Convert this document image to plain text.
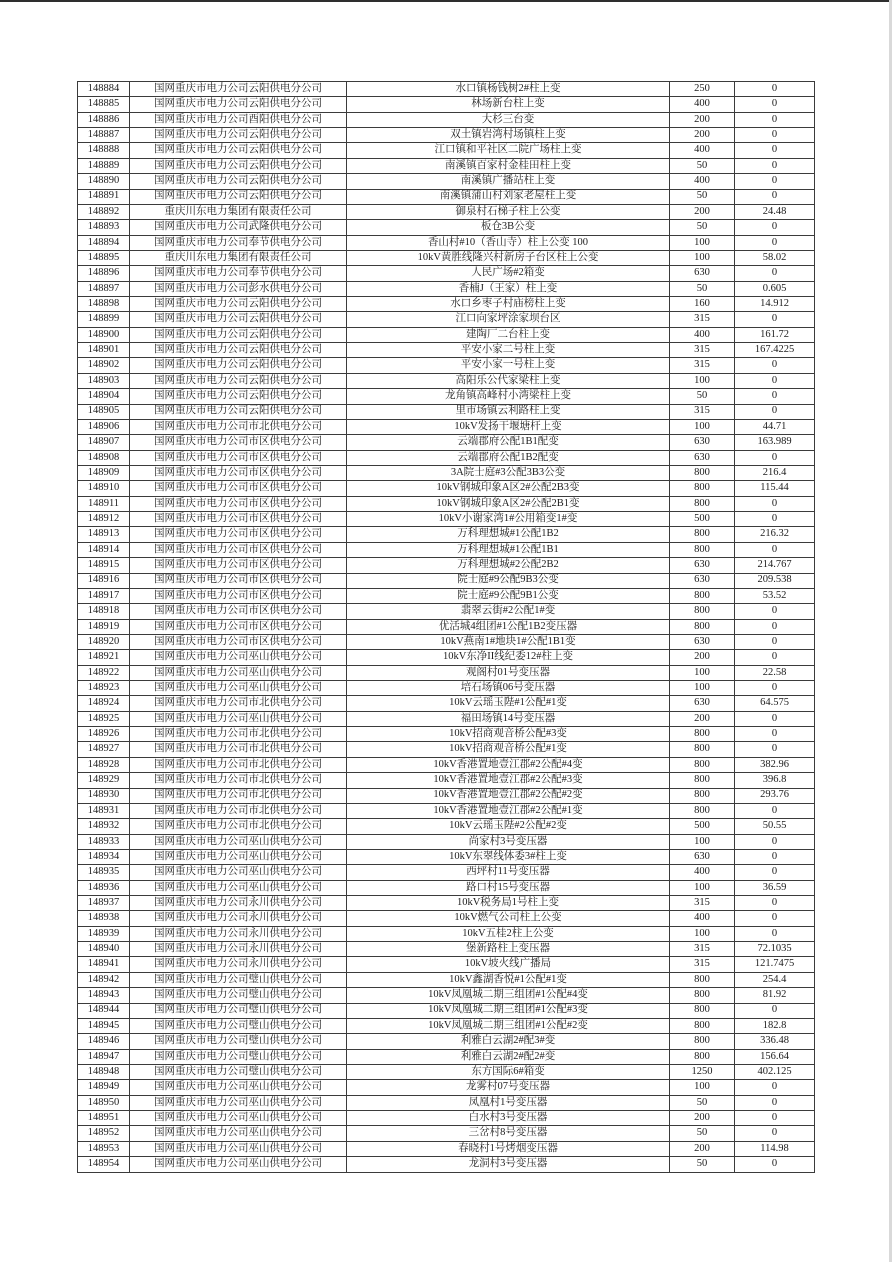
148884	国网重庆市电力公司云阳供电分公司	水口镇杨钱树2#柱上变	250	0
148885	国网重庆市电力公司云阳供电分公司	林场新台柱上变	400	0
148886	国网重庆市电力公司酉阳供电分公司	大杉三台变	200	0
148887	国网重庆市电力公司云阳供电分公司	双土镇岩湾村场镇柱上变	200	0
148888	国网重庆市电力公司云阳供电分公司	江口镇和平社区二院广场柱上变	400	0
148889	国网重庆市电力公司云阳供电分公司	南溪镇百家村金桂田柱上变	50	0
148890	国网重庆市电力公司云阳供电分公司	南溪镇广播站柱上变	400	0
148891	国网重庆市电力公司云阳供电分公司	南溪镇蒲山村刘家老屋柱上变	50	0
148892	重庆川东电力集团有限责任公司	御泉村石梯子柱上公变	200	24.48
148893	国网重庆市电力公司武隆供电分公司	板仓3B公变	50	0
148894	国网重庆市电力公司奉节供电分公司	香山村#10（香山寺）柱上公变 100	100	0
148895	重庆川东电力集团有限责任公司	10kV黄胜线隆兴村新房子台区柱上公变	100	58.02
148896	国网重庆市电力公司奉节供电分公司	人民广场#2箱变	630	0
148897	国网重庆市电力公司彭水供电分公司	香楠J（王家）柱上变	50	0.605
148898	国网重庆市电力公司云阳供电分公司	水口乡枣子村庙榜柱上变	160	14.912
148899	国网重庆市电力公司云阳供电分公司	江口向家坪涂家坝台区	315	0
148900	国网重庆市电力公司云阳供电分公司	建陶厂二台柱上变	400	161.72
148901	国网重庆市电力公司云阳供电分公司	平安小家二号柱上变	315	167.4225
148902	国网重庆市电力公司云阳供电分公司	平安小家一号柱上变	315	0
148903	国网重庆市电力公司云阳供电分公司	高阳乐公代家梁柱上变	100	0
148904	国网重庆市电力公司云阳供电分公司	龙角镇高峰村小湾梁柱上变	50	0
148905	国网重庆市电力公司云阳供电分公司	里市场镇云利路柱上变	315	0
148906	国网重庆市电力公司市北供电分公司	10kV发扬干堰塘杆上变	100	44.71
148907	国网重庆市电力公司市区供电分公司	云端郡府公配1B1配变	630	163.989
148908	国网重庆市电力公司市区供电分公司	云端郡府公配1B2配变	630	0
148909	国网重庆市电力公司市区供电分公司	3A院士庭#3公配3B3公变	800	216.4
148910	国网重庆市电力公司市区供电分公司	10kV钢城印象A区2#公配2B3变	800	115.44
148911	国网重庆市电力公司市区供电分公司	10kV钢城印象A区2#公配2B1变	800	0
148912	国网重庆市电力公司市区供电分公司	10kV小谢家湾1#公用箱变1#变	500	0
148913	国网重庆市电力公司市区供电分公司	万科理想城#1公配1B2	800	216.32
148914	国网重庆市电力公司市区供电分公司	万科理想城#1公配1B1	800	0
148915	国网重庆市电力公司市区供电分公司	万科理想城#2公配2B2	630	214.767
148916	国网重庆市电力公司市区供电分公司	院士庭#9公配9B3公变	630	209.538
148917	国网重庆市电力公司市区供电分公司	院士庭#9公配9B1公变	800	53.52
148918	国网重庆市电力公司市区供电分公司	翡翠云街#2公配1#变	800	0
148919	国网重庆市电力公司市区供电分公司	优活城4组团#1公配1B2变压器	800	0
148920	国网重庆市电力公司市区供电分公司	10kV燕南1#地块1#公配1B1变	630	0
148921	国网重庆市电力公司巫山供电分公司	10kV东净II线纪委12#柱上变	200	0
148922	国网重庆市电力公司巫山供电分公司	观阁村01号变压器	100	22.58
148923	国网重庆市电力公司巫山供电分公司	培石场镇06号变压器	100	0
148924	国网重庆市电力公司市北供电分公司	10kV云瑶玉陛#1公配#1变	630	64.575
148925	国网重庆市电力公司巫山供电分公司	福田场镇14号变压器	200	0
148926	国网重庆市电力公司市北供电分公司	10kV招商观音桥公配#3变	800	0
148927	国网重庆市电力公司市北供电分公司	10kV招商观音桥公配#1变	800	0
148928	国网重庆市电力公司市北供电分公司	10kV香港置地壹江郡#2公配#4变	800	382.96
148929	国网重庆市电力公司市北供电分公司	10kV香港置地壹江郡#2公配#3变	800	396.8
148930	国网重庆市电力公司市北供电分公司	10kV香港置地壹江郡#2公配#2变	800	293.76
148931	国网重庆市电力公司市北供电分公司	10kV香港置地壹江郡#2公配#1变	800	0
148932	国网重庆市电力公司市北供电分公司	10kV云瑶玉陛#2公配#2变	500	50.55
148933	国网重庆市电力公司巫山供电分公司	尚家村3号变压器	100	0
148934	国网重庆市电力公司巫山供电分公司	10kV东翠线体委3#柱上变	630	0
148935	国网重庆市电力公司巫山供电分公司	西坪村11号变压器	400	0
148936	国网重庆市电力公司巫山供电分公司	路口村15号变压器	100	36.59
148937	国网重庆市电力公司永川供电分公司	10kV税务局1号柱上变	315	0
148938	国网重庆市电力公司永川供电分公司	10kV燃气公司柱上公变	400	0
148939	国网重庆市电力公司永川供电分公司	10kV五桂2柱上公变	100	0
148940	国网重庆市电力公司永川供电分公司	堡新路柱上变压器	315	72.1035
148941	国网重庆市电力公司永川供电分公司	10kV坡火线广播局	315	121.7475
148942	国网重庆市电力公司璧山供电分公司	10kV鑫湖香悦#1公配#1变	800	254.4
148943	国网重庆市电力公司璧山供电分公司	10kV凤凰城二期三组团#1公配#4变	800	81.92
148944	国网重庆市电力公司璧山供电分公司	10kV凤凰城二期三组团#1公配#3变	800	0
148945	国网重庆市电力公司璧山供电分公司	10kV凤凰城二期三组团#1公配#2变	800	182.8
148946	国网重庆市电力公司璧山供电分公司	利雅白云湖2#配3#变	800	336.48
148947	国网重庆市电力公司璧山供电分公司	利雅白云湖2#配2#变	800	156.64
148948	国网重庆市电力公司璧山供电分公司	东方国际6#箱变	1250	402.125
148949	国网重庆市电力公司巫山供电分公司	龙雾村07号变压器	100	0
148950	国网重庆市电力公司巫山供电分公司	凤凰村1号变压器	50	0
148951	国网重庆市电力公司巫山供电分公司	白水村3号变压器	200	0
148952	国网重庆市电力公司巫山供电分公司	三岔村8号变压器	50	0
148953	国网重庆市电力公司巫山供电分公司	春晓村1号烤烟变压器	200	114.98
148954	国网重庆市电力公司巫山供电分公司	龙洞村3号变压器	50	0
